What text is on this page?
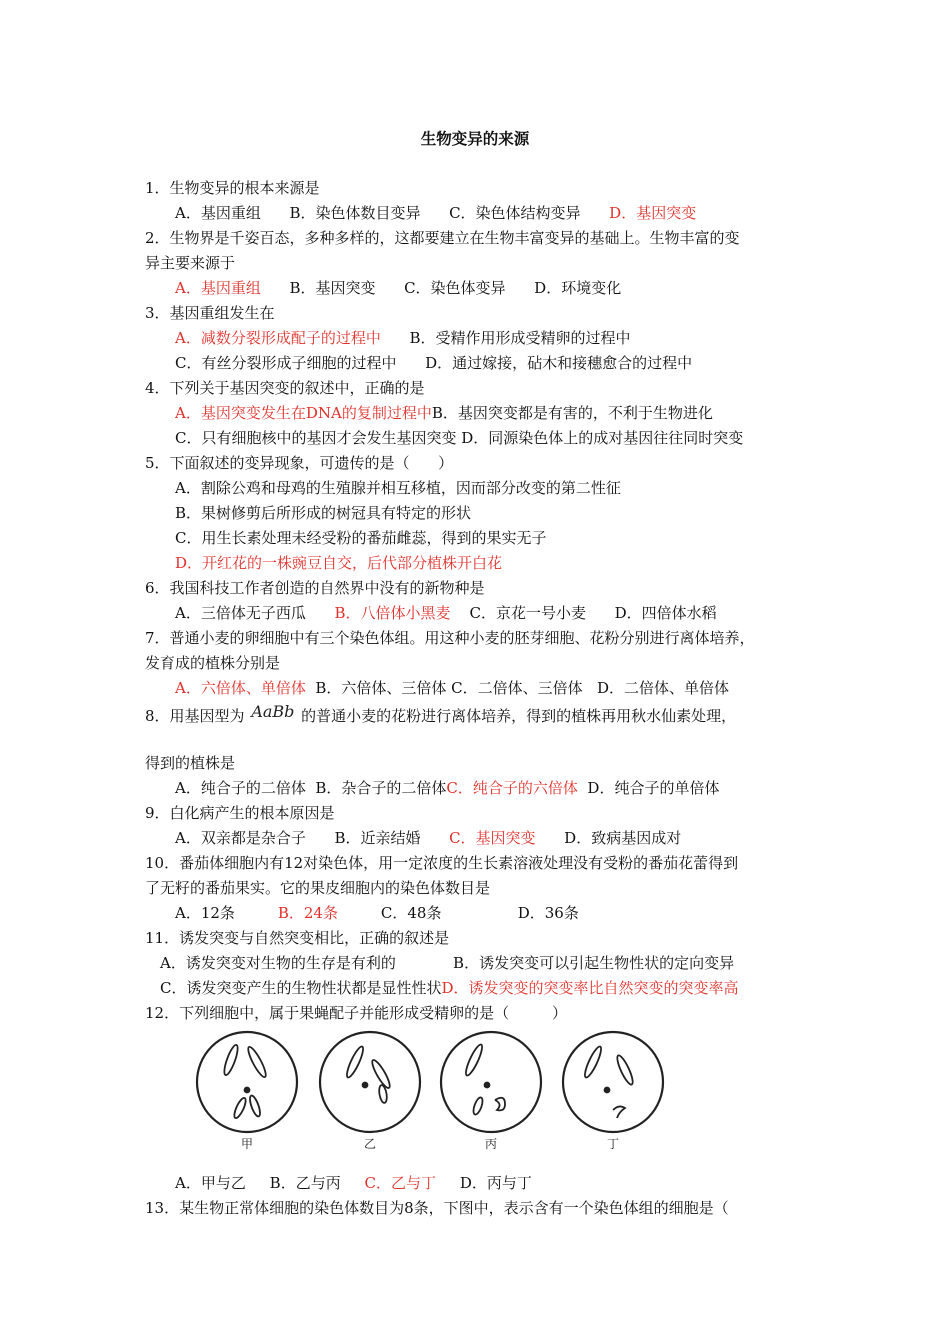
生物变异的来源
1．生物变异的根本来源是
A．基因重组      B．染色体数目变异      C．染色体结构变异      D．基因突变
2．生物界是千姿百态，多种多样的，这都要建立在生物丰富变异的基础上。生物丰富的变
异主要来源于
A．基因重组      B．基因突变      C．染色体变异      D．环境变化
3．基因重组发生在
A．减数分裂形成配子的过程中      B．受精作用形成受精卵的过程中
C．有丝分裂形成子细胞的过程中      D．通过嫁接，砧木和接穗愈合的过程中
4．下列关于基因突变的叙述中，正确的是
A．基因突变发生在DNA的复制过程中B．基因突变都是有害的，不利于生物进化
C．只有细胞核中的基因才会发生基因突变 D．同源染色体上的成对基因往往同时突变
5．下面叙述的变异现象，可遗传的是（      ）
A．割除公鸡和母鸡的生殖腺并相互移植，因而部分改变的第二性征
B．果树修剪后所形成的树冠具有特定的形状
C．用生长素处理未经受粉的番茄雌蕊，得到的果实无子
D．开红花的一株豌豆自交，后代部分植株开白花
6．我国科技工作者创造的自然界中没有的新物种是
A．三倍体无子西瓜      B．八倍体小黑麦    C．京花一号小麦      D．四倍体水稻
7．普通小麦的卵细胞中有三个染色体组。用这种小麦的胚芽细胞、花粉分别进行离体培养，
发育成的植株分别是
A．六倍体、单倍体  B．六倍体、三倍体 C．二倍体、三倍体   D．二倍体、单倍体
8．用基因型为 AaBb 的普通小麦的花粉进行离体培养，得到的植株再用秋水仙素处理，
得到的植株是
A．纯合子的二倍体  B．杂合子的二倍体C．纯合子的六倍体  D．纯合子的单倍体
9．白化病产生的根本原因是
A．双亲都是杂合子      B．近亲结婚      C．基因突变      D．致病基因成对
10．番茄体细胞内有12对染色体，用一定浓度的生长素溶液处理没有受粉的番茄花蕾得到
了无籽的番茄果实。它的果皮细胞内的染色体数目是
A．12条         B．24条         C．48条                D．36条
11．诱发突变与自然突变相比，正确的叙述是
A．诱发突变对生物的生存是有利的            B．诱发突变可以引起生物性状的定向变异
C．诱发突变产生的生物性状都是显性性状D．诱发突变的突变率比自然突变的突变率高
12．下列细胞中，属于果蝇配子并能形成受精卵的是（         ）
甲	乙	丙	丁
A．甲与乙     B．乙与丙     C．乙与丁     D．丙与丁
13．某生物正常体细胞的染色体数目为8条，下图中，表示含有一个染色体组的细胞是（
